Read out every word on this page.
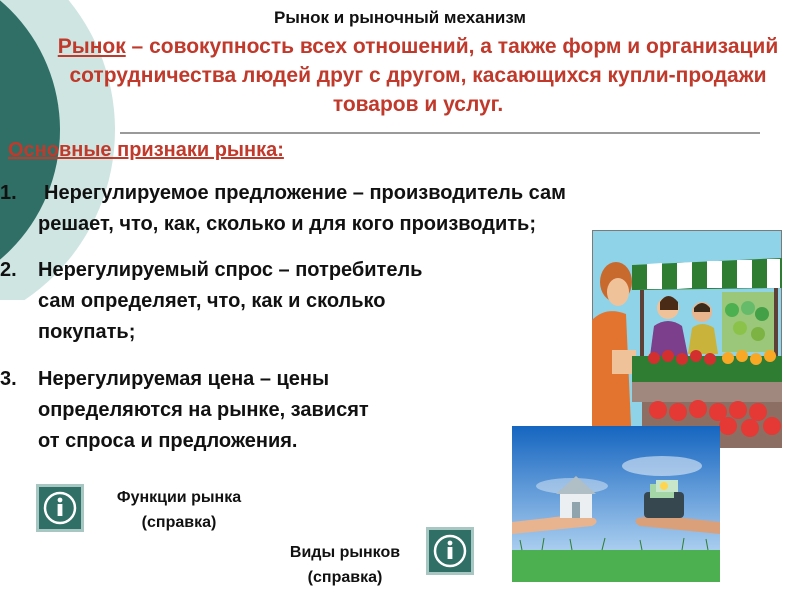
Рынок и рыночный механизм
Рынок – совокупность всех отношений, а также форм и организаций сотрудничества людей друг с другом, касающихся купли-продажи товаров и услуг.
Основные признаки рынка:
1.	Нерегулируемое предложение – производитель сам
решает, что, как, сколько и для кого производить;
2. Нерегулируемый спрос – потребитель
сам определяет, что, как и сколько
покупать;
3. Нерегулируемая цена – цены
определяются на рынке, зависят
от спроса и предложения.
Функции рынка
(справка)
Виды рынков
(справка)
